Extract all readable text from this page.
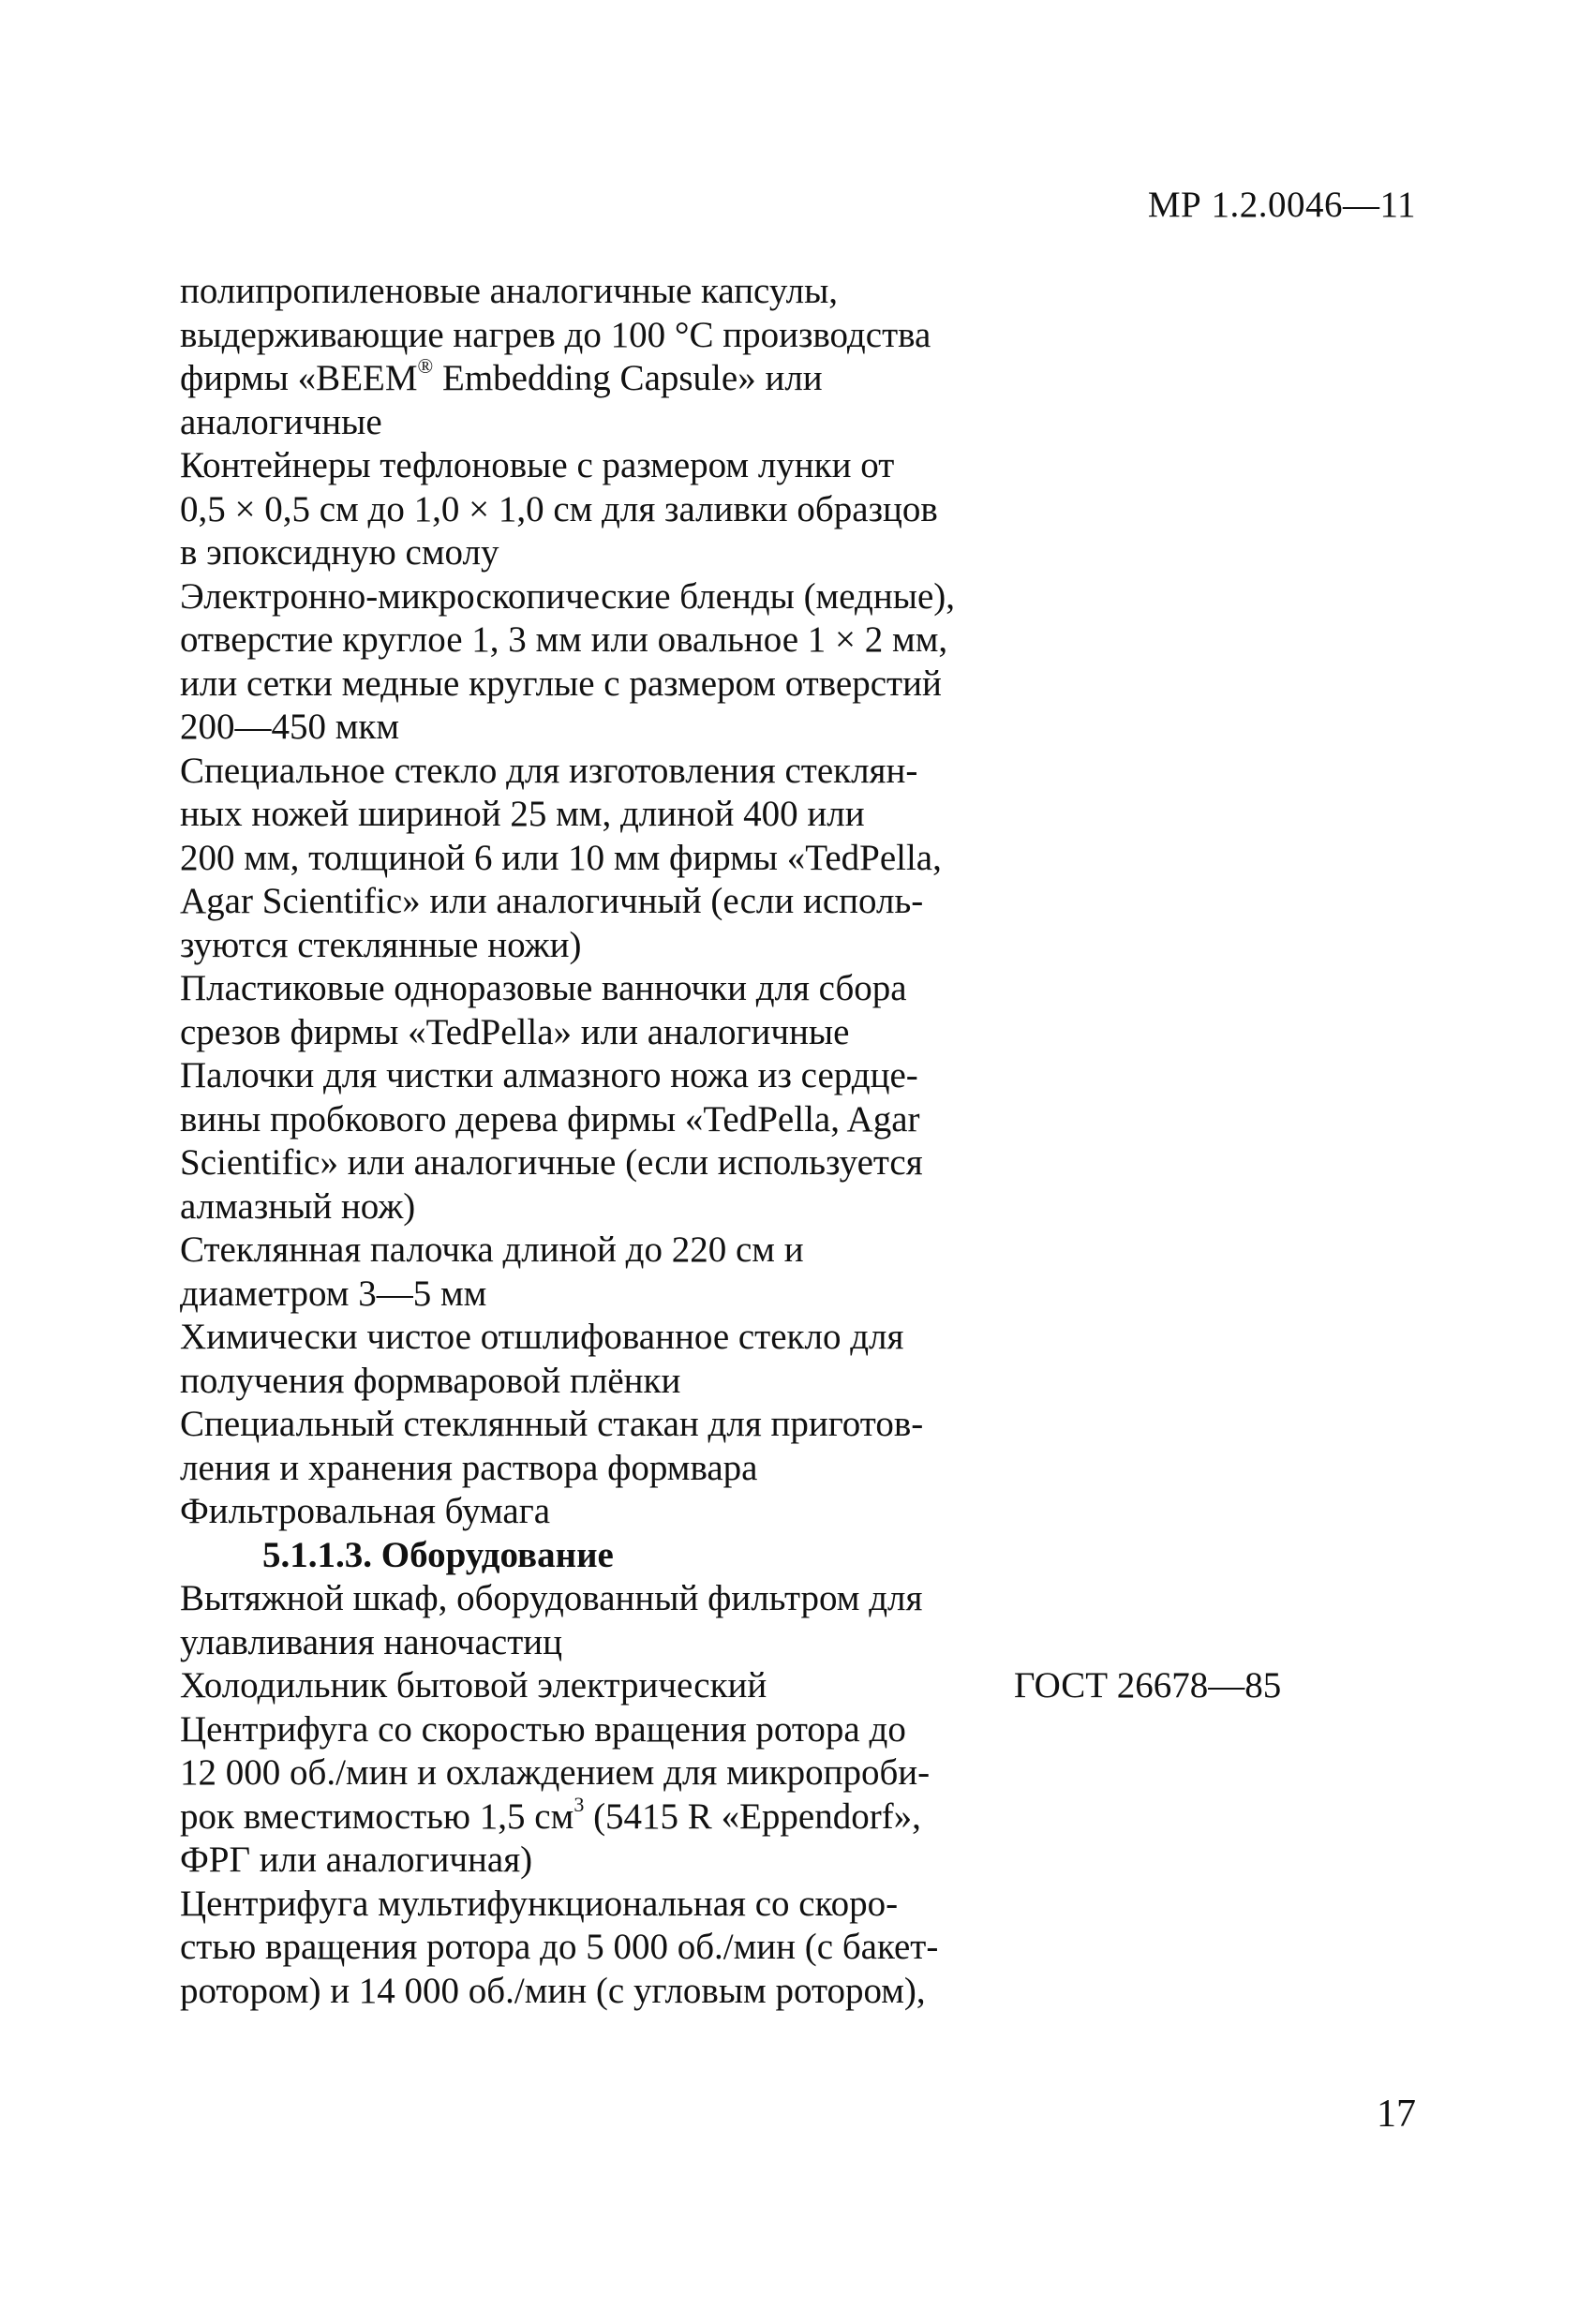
МР 1.2.0046—11
полипропиленовые аналогичные капсулы,
выдерживающие нагрев до 100 °С производства
фирмы «BEEM® Embedding Capsule» или
аналогичные
Контейнеры тефлоновые с размером лунки от
0,5 × 0,5 см до 1,0 × 1,0 см для заливки образцов
в эпоксидную смолу
Электронно-микроскопические бленды (медные),
отверстие круглое 1, 3 мм или овальное 1 × 2 мм,
или сетки медные круглые с размером отверстий
200—450 мкм
Специальное стекло для изготовления стеклян-
ных ножей шириной 25 мм, длиной 400 или
200 мм, толщиной 6 или 10 мм фирмы «TedPella,
Agar Scientific» или аналогичный (если исполь-
зуются стеклянные ножи)
Пластиковые одноразовые ванночки для сбора
срезов фирмы «TedPella» или аналогичные
Палочки для чистки алмазного ножа из сердце-
вины пробкового дерева фирмы «TedPella, Agar
Scientific» или аналогичные (если используется
алмазный нож)
Стеклянная палочка длиной до 220 см и
диаметром 3—5 мм
Химически чистое отшлифованное стекло для
получения формваровой плёнки
Специальный стеклянный стакан для приготов-
ления и хранения раствора формвара
Фильтровальная бумага
5.1.1.3. Оборудование
Вытяжной шкаф, оборудованный фильтром для
улавливания наночастиц
Холодильник бытовой электрический	ГОСТ 26678—85
Центрифуга со скоростью вращения ротора до
12 000 об./мин и охлаждением для микропроби-
рок вместимостью 1,5 $см^3$ (5415 R «Eppendorf»,
ФРГ или аналогичная)
Центрифуга мультифункциональная со скоро-
стью вращения ротора до 5 000 об./мин (с бакет-
ротором) и 14 000 об./мин (с угловым ротором),
17
